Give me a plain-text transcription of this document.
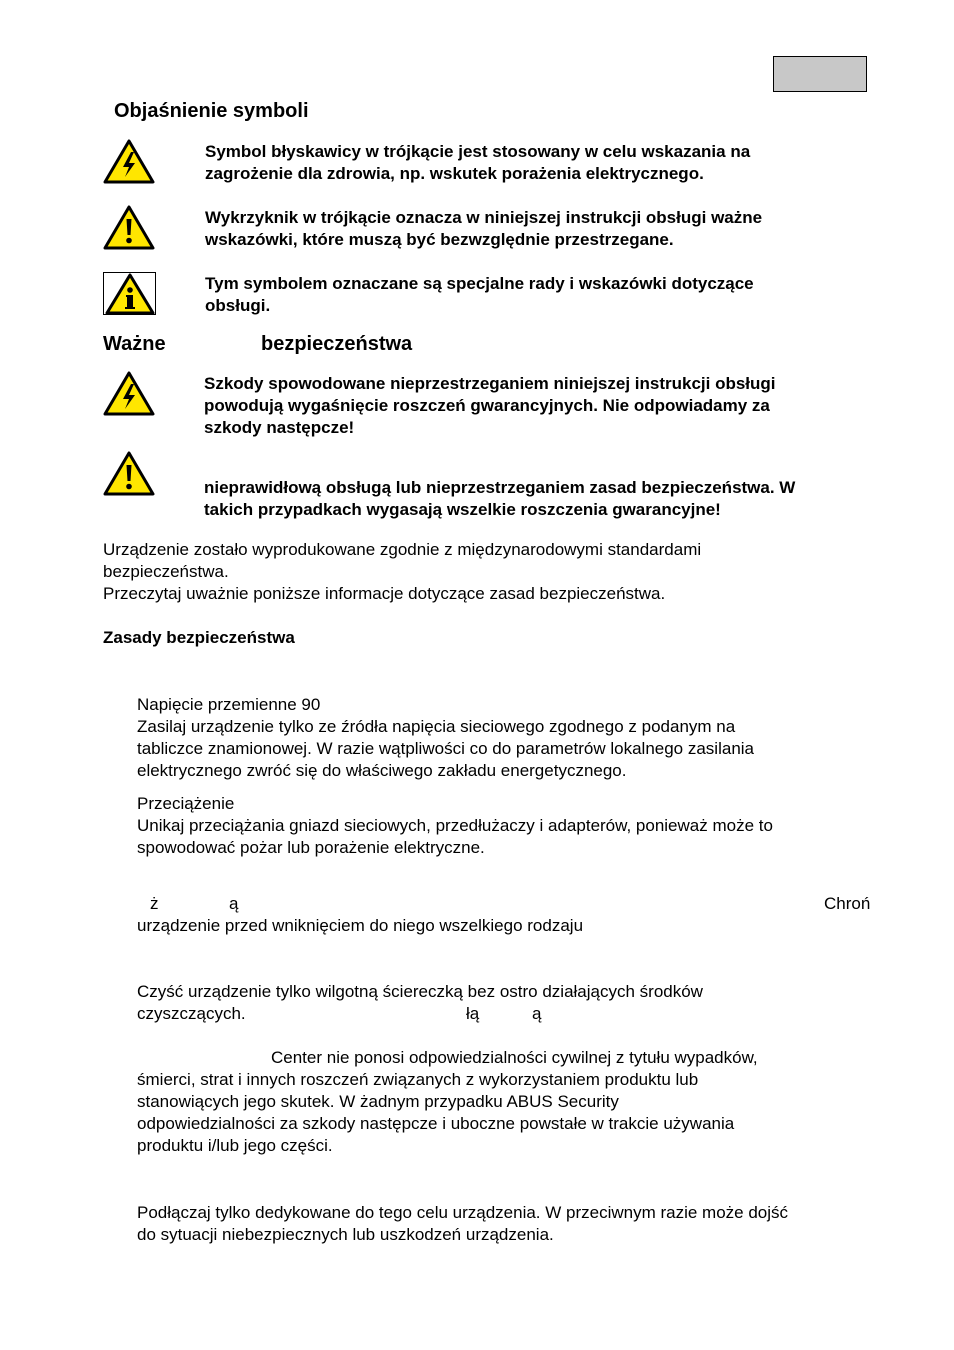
Objaśnienie symboli

Symbol błyskawicy w trójkącie jest stosowany w celu wskazania na

zagrożenie dla zdrowia, np. wskutek porażenia elektrycznego.

Wykrzyknik w trójkącie oznacza w niniejszej instrukcji obsługi ważne

wskazówki, które muszą być bezwzględnie przestrzegane.

Tym symbolem oznaczane są specjalne rady i wskazówki dotyczące

obsługi.

Ważne	bezpieczeństwa

Szkody spowodowane nieprzestrzeganiem niniejszej instrukcji obsługi

powodują wygaśnięcie roszczeń gwarancyjnych. Nie odpowiadamy za

szkody następcze!

nieprawidłową obsługą lub nieprzestrzeganiem zasad bezpieczeństwa. W

takich przypadkach wygasają wszelkie roszczenia gwarancyjne!

Urządzenie zostało wyprodukowane zgodnie z międzynarodowymi standardami

bezpieczeństwa.

Przeczytaj uważnie poniższe informacje dotyczące zasad bezpieczeństwa.

Zasady bezpieczeństwa
Napięcie przemienne 90

Zasilaj urządzenie tylko ze źródła napięcia sieciowego zgodnego z podanym na

tabliczce znamionowej. W razie wątpliwości co do parametrów lokalnego zasilania

elektrycznego zwróć się do właściwego zakładu energetycznego.

Przeciążenie

Unikaj przeciążania gniazd sieciowych, przedłużaczy i adapterów, ponieważ może to

spowodować pożar lub porażenie elektryczne.

ż	ą	Chroń
urządzenie przed wniknięciem do niego wszelkiego rodzaju
Czyść urządzenie tylko wilgotną ściereczką bez ostro działających środków
czyszczących.	łą	ą
Center nie ponosi odpowiedzialności cywilnej z tytułu wypadków,

śmierci, strat i innych roszczeń związanych z wykorzystaniem produktu lub

stanowiących jego skutek. W żadnym przypadku ABUS Security

odpowiedzialności za szkody następcze i uboczne powstałe w trakcie używania

produktu i/lub jego części.

Podłączaj tylko dedykowane do tego celu urządzenia. W przeciwnym razie może dojść

do sytuacji niebezpiecznych lub uszkodzeń urządzenia.
